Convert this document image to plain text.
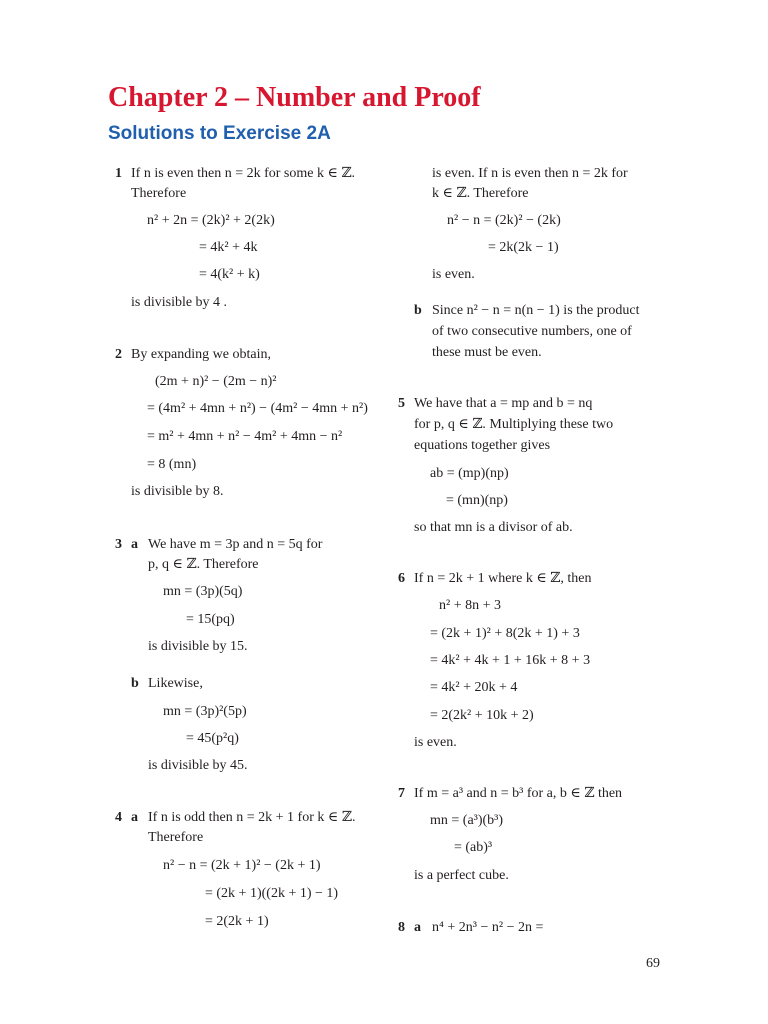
Chapter 2 – Number and Proof
Solutions to Exercise 2A
1 If n is even then n = 2k for some k ∈ ℤ.
Therefore
n² + 2n = (2k)² + 2(2k)
= 4k² + 4k
= 4(k² + k)
is divisible by 4 .
2 By expanding we obtain,
(2m + n)² − (2m − n)²
= (4m² + 4mn + n²) − (4m² − 4mn + n²)
= m² + 4mn + n² − 4m² + 4mn − n²
= 8 (mn)
is divisible by 8.
3 a We have m = 3p and n = 5q for
p, q ∈ ℤ. Therefore
mn = (3p)(5q)
= 15(pq)
is divisible by 15.
b Likewise,
mn = (3p)²(5p)
= 45(p²q)
is divisible by 45.
4 a If n is odd then n = 2k + 1 for k ∈ ℤ.
Therefore
n² − n = (2k + 1)² − (2k + 1)
= (2k + 1)((2k + 1) − 1)
= 2(2k + 1)
is even. If n is even then n = 2k for
k ∈ ℤ. Therefore
n² − n = (2k)² − (2k)
= 2k(2k − 1)
is even.
b Since n² − n = n(n − 1) is the product
of two consecutive numbers, one of
these must be even.
5 We have that a = mp and b = nq
for p, q ∈ ℤ. Multiplying these two
equations together gives
ab = (mp)(np)
= (mn)(np)
so that mn is a divisor of ab.
6 If n = 2k + 1 where k ∈ ℤ, then
n² + 8n + 3
= (2k + 1)² + 8(2k + 1) + 3
= 4k² + 4k + 1 + 16k + 8 + 3
= 4k² + 20k + 4
= 2(2k² + 10k + 2)
is even.
7 If m = a³ and n = b³ for a, b ∈ ℤ then
mn = (a³)(b³)
= (ab)³
is a perfect cube.
8 a n⁴ + 2n³ − n² − 2n =
69
